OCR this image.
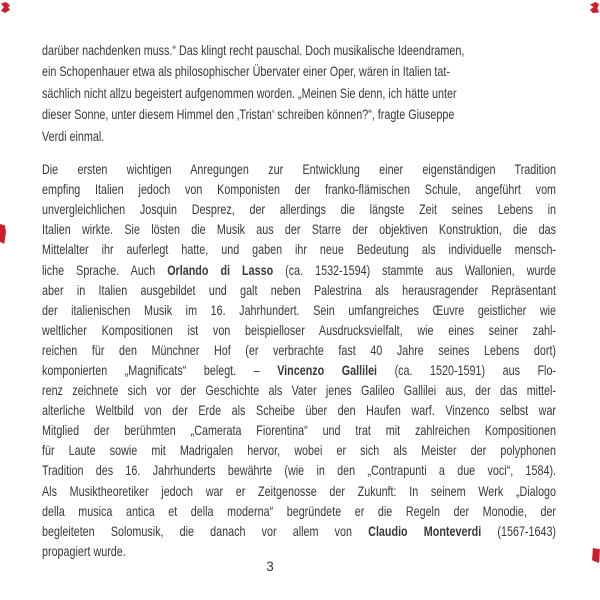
darüber nachdenken muss.“ Das klingt recht pauschal. Doch musikalische Ideendramen,
ein Schopenhauer etwa als philosophischer Übervater einer Oper, wären in Italien tat-
sächlich nicht allzu begeistert aufgenommen worden. „Meinen Sie denn, ich hätte unter
dieser Sonne, unter diesem Himmel den ‚Tristan‘ schreiben können?“, fragte Giuseppe
Verdi einmal.
Die ersten wichtigen Anregungen zur Entwicklung einer eigenständigen Tradition
empfing Italien jedoch von Komponisten der franko-flämischen Schule, angeführt vom
unvergleichlichen Josquin Desprez, der allerdings die längste Zeit seines Lebens in
Italien wirkte. Sie lösten die Musik aus der Starre der objektiven Konstruktion, die das
Mittelalter ihr auferlegt hatte, und gaben ihr neue Bedeutung als individuelle mensch-
liche Sprache. Auch Orlando di Lasso (ca. 1532-1594) stammte aus Wallonien, wurde
aber in Italien ausgebildet und galt neben Palestrina als herausragender Repräsentant
der italienischen Musik im 16. Jahrhundert. Sein umfangreiches Œuvre geistlicher wie
weltlicher Kompositionen ist von beispielloser Ausdrucksvielfalt, wie eines seiner zahl-
reichen für den Münchner Hof (er verbrachte fast 40 Jahre seines Lebens dort)
komponierten „Magnificats“ belegt. – Vincenzo Gallilei (ca. 1520-1591) aus Flo-
renz zeichnete sich vor der Geschichte als Vater jenes Galileo Gallilei aus, der das mittel-
alterliche Weltbild von der Erde als Scheibe über den Haufen warf. Vinzenco selbst war
Mitglied der berühmten „Camerata Fiorentina“ und trat mit zahlreichen Kompositionen
für Laute sowie mit Madrigalen hervor, wobei er sich als Meister der polyphonen
Tradition des 16. Jahrhunderts bewährte (wie in den „Contrapunti a due voci“, 1584).
Als Musiktheoretiker jedoch war er Zeitgenosse der Zukunft: In seinem Werk „Dialogo
della musica antica et della moderna“ begründete er die Regeln der Monodie, der
begleiteten Solomusik, die danach vor allem von Claudio Monteverdi (1567-1643)
propagiert wurde.
3
